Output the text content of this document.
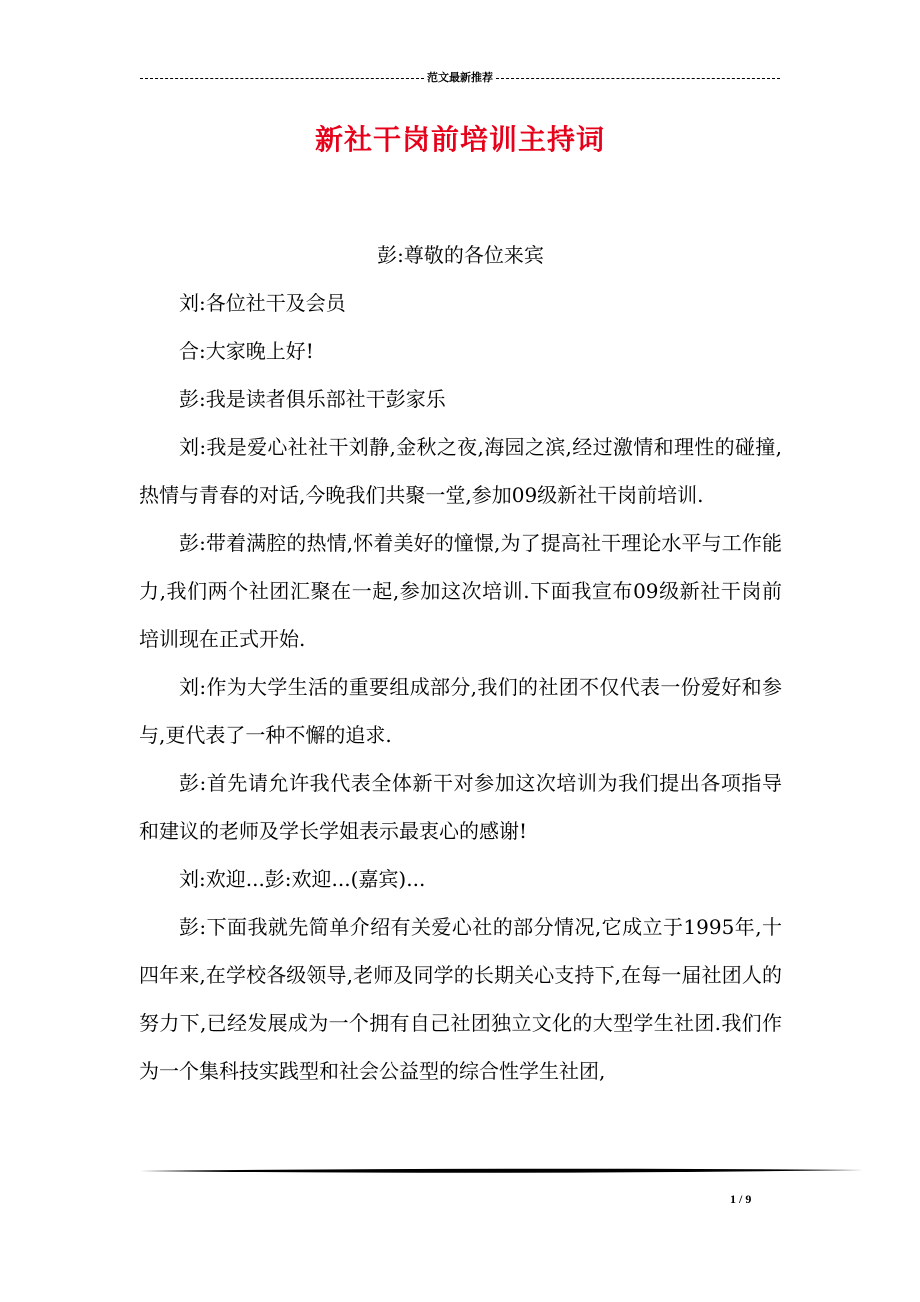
范文最新推荐
新社干岗前培训主持词

彭:尊敬的各位来宾

刘:各位社干及会员

合:大家晚上好!

彭:我是读者俱乐部社干彭家乐

刘:我是爱心社社干刘静,金秋之夜,海园之滨,经过激情和理性的碰撞,热情与青春的对话,今晚我们共聚一堂,参加09级新社干岗前培训.

彭:带着满腔的热情,怀着美好的憧憬,为了提高社干理论水平与工作能力,我们两个社团汇聚在一起,参加这次培训.下面我宣布09级新社干岗前培训现在正式开始.

刘:作为大学生活的重要组成部分,我们的社团不仅代表一份爱好和参与,更代表了一种不懈的追求.

彭:首先请允许我代表全体新干对参加这次培训为我们提出各项指导和建议的老师及学长学姐表示最衷心的感谢!

刘:欢迎...彭:欢迎...(嘉宾)...

彭:下面我就先简单介绍有关爱心社的部分情况,它成立于1995年,十四年来,在学校各级领导,老师及同学的长期关心支持下,在每一届社团人的努力下,已经发展成为一个拥有自己社团独立文化的大型学生社团.我们作为一个集科技实践型和社会公益型的综合性学生社团,

1 / 9
